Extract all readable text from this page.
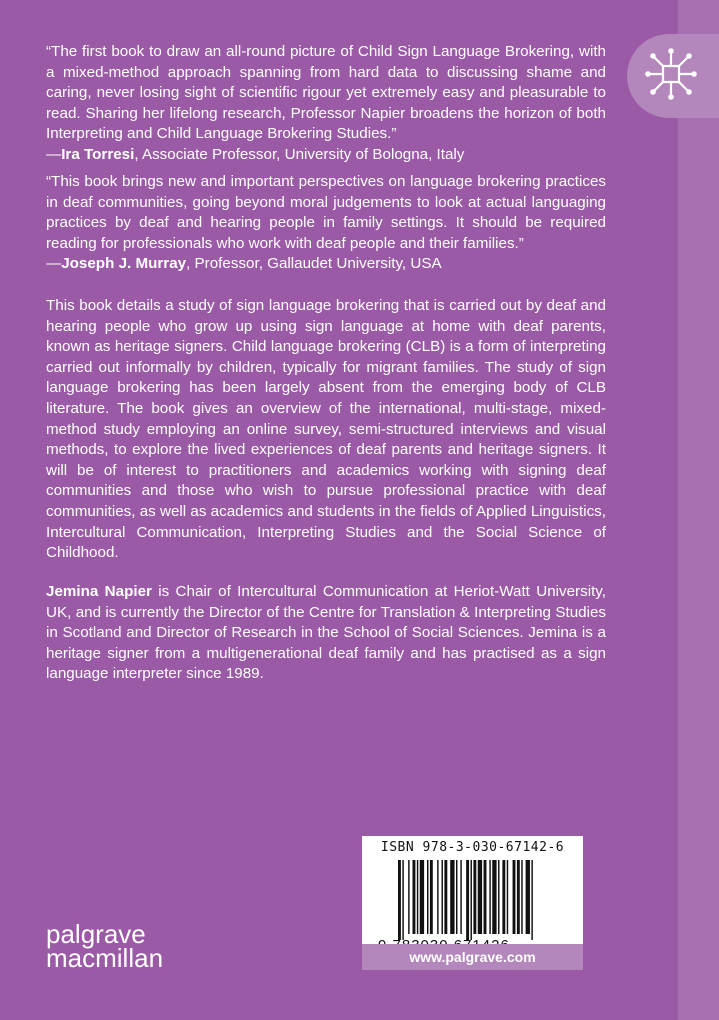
“The first book to draw an all-round picture of Child Sign Language Brokering, with a mixed-method approach spanning from hard data to discussing shame and caring, never losing sight of scientific rigour yet extremely easy and pleasurable to read. Sharing her lifelong research, Professor Napier broadens the horizon of both Interpreting and Child Language Brokering Studies.”
—Ira Torresi, Associate Professor, University of Bologna, Italy

“This book brings new and important perspectives on language brokering practices in deaf communities, going beyond moral judgements to look at actual languaging practices by deaf and hearing people in family settings. It should be required reading for professionals who work with deaf people and their families.”
—Joseph J. Murray, Professor, Gallaudet University, USA

This book details a study of sign language brokering that is carried out by deaf and hearing people who grow up using sign language at home with deaf parents, known as heritage signers. Child language brokering (CLB) is a form of interpreting carried out informally by children, typically for migrant families. The study of sign language brokering has been largely absent from the emerging body of CLB literature. The book gives an overview of the international, multi-stage, mixed-method study employing an online survey, semi-structured interviews and visual methods, to explore the lived experiences of deaf parents and heritage signers. It will be of interest to practitioners and academics working with signing deaf communities and those who wish to pursue professional practice with deaf communities, as well as academics and students in the fields of Applied Linguistics, Intercultural Communication, Interpreting Studies and the Social Science of Childhood.

Jemina Napier is Chair of Intercultural Communication at Heriot-Watt University, UK, and is currently the Director of the Centre for Translation & Interpreting Studies in Scotland and Director of Research in the School of Social Sciences. Jemina is a heritage signer from a multigenerational deaf family and has practised as a sign language interpreter since 1989.

ISBN 978-3-030-67142-6
www.palgrave.com
palgrave
macmillan
